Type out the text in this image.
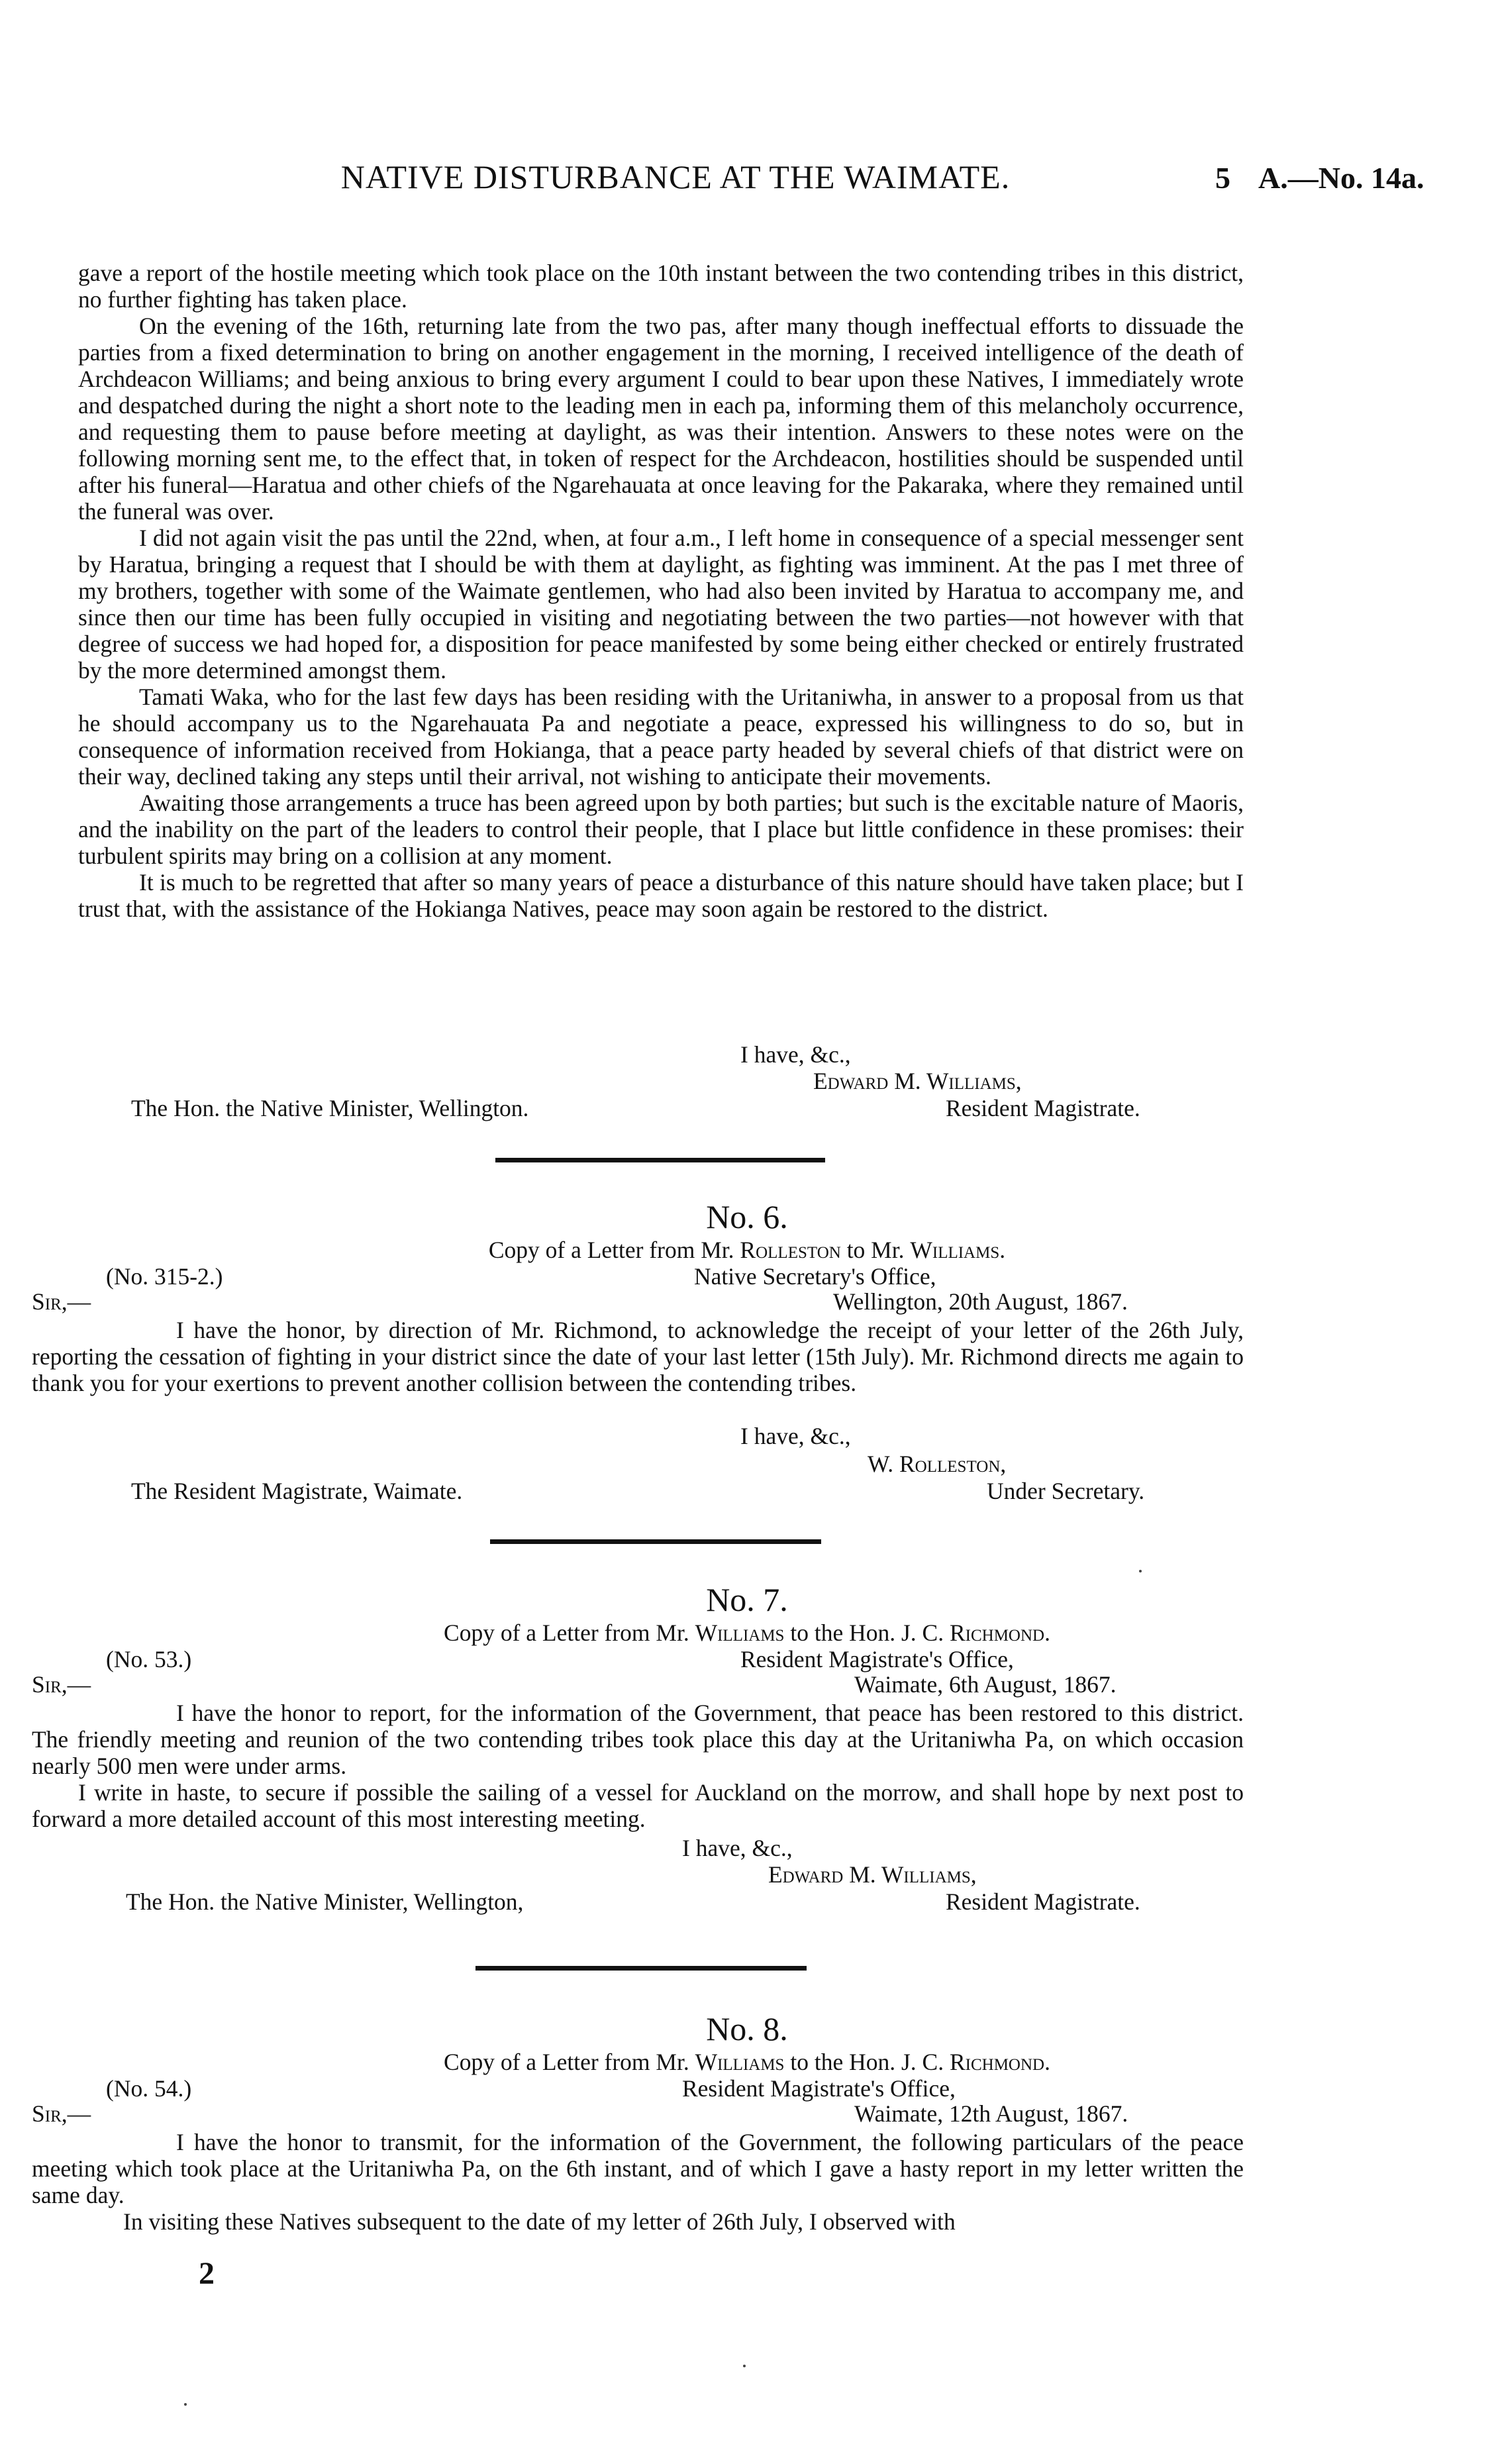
NATIVE DISTURBANCE AT THE WAIMATE.	5 A.—No. 14a.

gave a report of the hostile meeting which took place on the 10th instant between the two contending tribes in this district, no further fighting has taken place.

On the evening of the 16th, returning late from the two pas, after many though ineffectual efforts to dissuade the parties from a fixed determination to bring on another engagement in the morning, I received intelligence of the death of Archdeacon Williams; and being anxious to bring every argument I could to bear upon these Natives, I immediately wrote and despatched during the night a short note to the leading men in each pa, informing them of this melancholy occurrence, and requesting them to pause before meeting at daylight, as was their intention. Answers to these notes were on the following morning sent me, to the effect that, in token of respect for the Archdeacon, hostilities should be suspended until after his funeral—Haratua and other chiefs of the Ngarehauata at once leaving for the Pakaraka, where they remained until the funeral was over.

I did not again visit the pas until the 22nd, when, at four a.m., I left home in consequence of a special messenger sent by Haratua, bringing a request that I should be with them at daylight, as fighting was imminent. At the pas I met three of my brothers, together with some of the Waimate gentlemen, who had also been invited by Haratua to accompany me, and since then our time has been fully occupied in visiting and negotiating between the two parties—not however with that degree of success we had hoped for, a disposition for peace manifested by some being either checked or entirely frustrated by the more determined amongst them.

Tamati Waka, who for the last few days has been residing with the Uritaniwha, in answer to a proposal from us that he should accompany us to the Ngarehauata Pa and negotiate a peace, expressed his willingness to do so, but in consequence of information received from Hokianga, that a peace party headed by several chiefs of that district were on their way, declined taking any steps until their arrival, not wishing to anticipate their movements.

Awaiting those arrangements a truce has been agreed upon by both parties; but such is the excitable nature of Maoris, and the inability on the part of the leaders to control their people, that I place but little confidence in these promises: their turbulent spirits may bring on a collision at any moment.

It is much to be regretted that after so many years of peace a disturbance of this nature should have taken place; but I trust that, with the assistance of the Hokianga Natives, peace may soon again be restored to the district.

I have, &c.,
Edward M. Williams,
The Hon. the Native Minister, Wellington.	Resident Magistrate.
No. 6.
Copy of a Letter from Mr. Rolleston to Mr. Williams.
(No. 315-2.)	Native Secretary's Office,
Sir,—	Wellington, 20th August, 1867.

I have the honor, by direction of Mr. Richmond, to acknowledge the receipt of your letter of the 26th July, reporting the cessation of fighting in your district since the date of your last letter (15th July). Mr. Richmond directs me again to thank you for your exertions to prevent another collision between the contending tribes.

I have, &c.,
W. Rolleston,
The Resident Magistrate, Waimate.	Under Secretary.
No. 7.
Copy of a Letter from Mr. Williams to the Hon. J. C. Richmond.
(No. 53.)	Resident Magistrate's Office,
Sir,—	Waimate, 6th August, 1867.

I have the honor to report, for the information of the Government, that peace has been restored to this district. The friendly meeting and reunion of the two contending tribes took place this day at the Uritaniwha Pa, on which occasion nearly 500 men were under arms.

I write in haste, to secure if possible the sailing of a vessel for Auckland on the morrow, and shall hope by next post to forward a more detailed account of this most interesting meeting.

I have, &c.,
Edward M. Williams,
The Hon. the Native Minister, Wellington,	Resident Magistrate.
No. 8.
Copy of a Letter from Mr. Williams to the Hon. J. C. Richmond.
(No. 54.)	Resident Magistrate's Office,
Sir,—	Waimate, 12th August, 1867.

I have the honor to transmit, for the information of the Government, the following particulars of the peace meeting which took place at the Uritaniwha Pa, on the 6th instant, and of which I gave a hasty report in my letter written the same day.

In visiting these Natives subsequent to the date of my letter of 26th July, I observed with

2
